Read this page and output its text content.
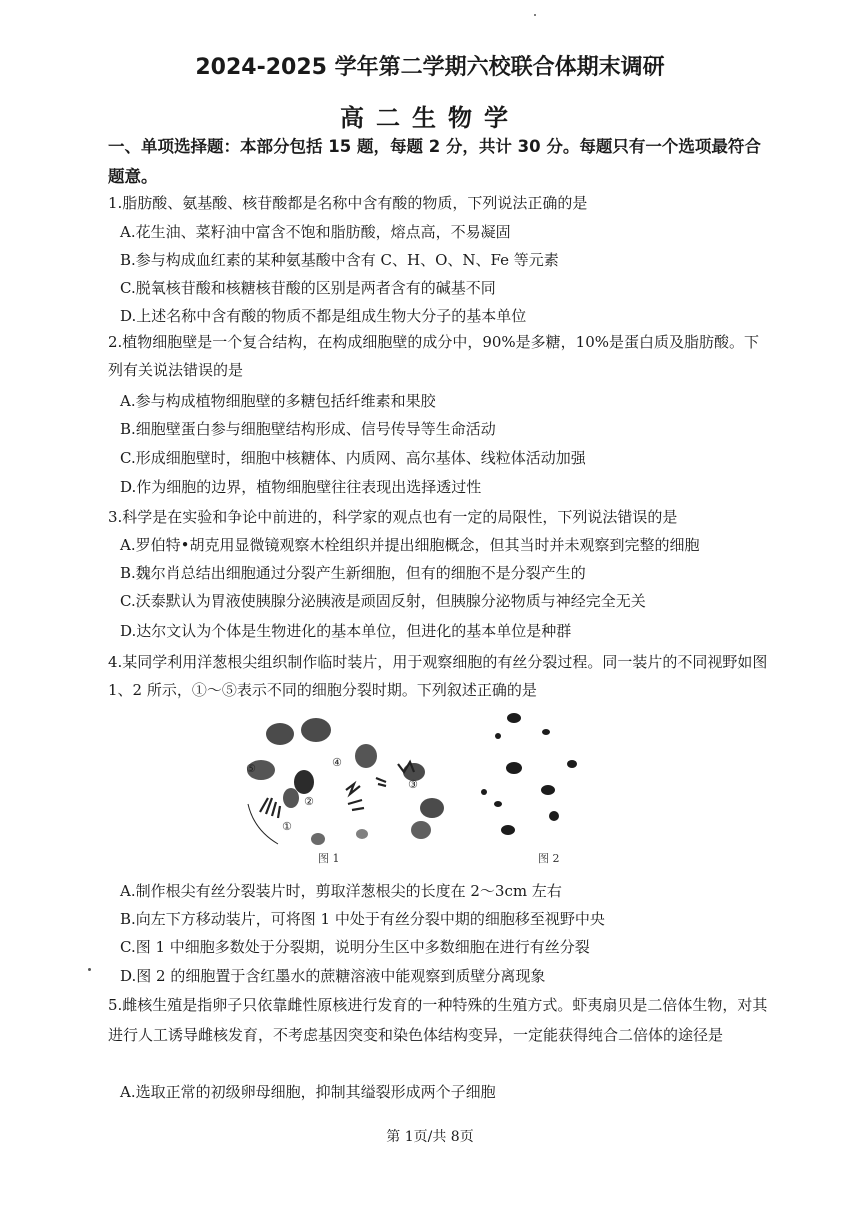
2024-2025 学年第二学期六校联合体期末调研
高二生物学
一、单项选择题：本部分包括 15 题，每题 2 分，共计 30 分。每题只有一个选项最符合题意。
1.脂肪酸、氨基酸、核苷酸都是名称中含有酸的物质，下列说法正确的是
A.花生油、菜籽油中富含不饱和脂肪酸，熔点高，不易凝固
B.参与构成血红素的某种氨基酸中含有 C、H、O、N、Fe 等元素
C.脱氧核苷酸和核糖核苷酸的区别是两者含有的碱基不同
D.上述名称中含有酸的物质不都是组成生物大分子的基本单位
2.植物细胞壁是一个复合结构，在构成细胞壁的成分中，90%是多糖，10%是蛋白质及脂肪酸。下列有关说法错误的是
A.参与构成植物细胞壁的多糖包括纤维素和果胶
B.细胞壁蛋白参与细胞壁结构形成、信号传导等生命活动
C.形成细胞壁时，细胞中核糖体、内质网、高尔基体、线粒体活动加强
D.作为细胞的边界，植物细胞壁往往表现出选择透过性
3.科学是在实验和争论中前进的，科学家的观点也有一定的局限性，下列说法错误的是
A.罗伯特•胡克用显微镜观察木栓组织并提出细胞概念，但其当时并未观察到完整的细胞
B.魏尔肖总结出细胞通过分裂产生新细胞，但有的细胞不是分裂产生的
C.沃泰默认为胃液使胰腺分泌胰液是顽固反射，但胰腺分泌物质与神经完全无关
D.达尔文认为个体是生物进化的基本单位，但进化的基本单位是种群
4.某同学利用洋葱根尖组织制作临时装片，用于观察细胞的有丝分裂过程。同一装片的不同视野如图 1、2 所示，①～⑤表示不同的细胞分裂时期。下列叙述正确的是
⑤	④
②
③
①
图 1	图 2
A.制作根尖有丝分裂装片时，剪取洋葱根尖的长度在 2～3cm 左右
B.向左下方移动装片，可将图 1 中处于有丝分裂中期的细胞移至视野中央
C.图 1 中细胞多数处于分裂期，说明分生区中多数细胞在进行有丝分裂
D.图 2 的细胞置于含红墨水的蔗糖溶液中能观察到质壁分离现象
5.雌核生殖是指卵子只依靠雌性原核进行发育的一种特殊的生殖方式。虾夷扇贝是二倍体生物，对其进行人工诱导雌核发育，不考虑基因突变和染色体结构变异，一定能获得纯合二倍体的途径是
A.选取正常的初级卵母细胞，抑制其缢裂形成两个子细胞
第 1页/共 8页
